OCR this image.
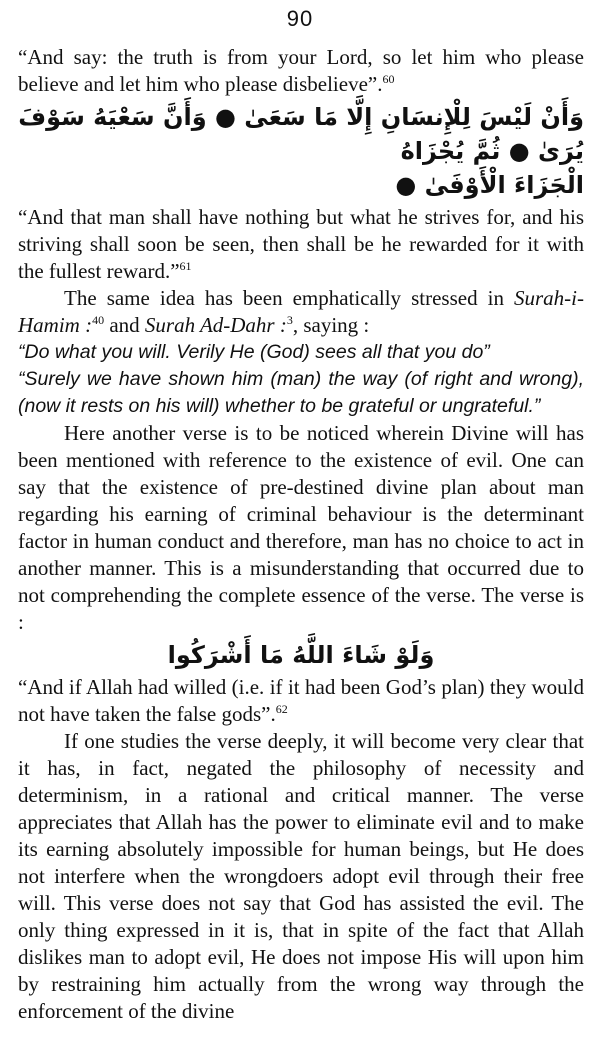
90

“And say: the truth is from your Lord, so let him who please believe and let him who please disbelieve”.$^{60}$

وَأَنْ لَيْسَ لِلْإِنسَانِ إِلَّا مَا سَعَىٰ ● وَأَنَّ سَعْيَهُ سَوْفَ يُرَىٰ ● ثُمَّ يُجْزَاهُ
الْجَزَاءَ الْأَوْفَىٰ ●

“And that man shall have nothing but what he strives for, and his striving shall soon be seen, then shall be he rewarded for it with the fullest reward.”$^{61}$

The same idea has been emphatically stressed in Surah-i-Hamim :$^{40}$ and Surah Ad-Dahr :$^3$, saying :

“Do what you will. Verily He (God) sees all that you do”

“Surely we have shown him (man) the way (of right and wrong), (now it rests on his will) whether to be grateful or ungrateful.”

Here another verse is to be noticed wherein Divine will has been mentioned with reference to the existence of evil. One can say that the existence of pre-destined divine plan about man regarding his earning of criminal behaviour is the determinant factor in human conduct and therefore, man has no choice to act in another manner. This is a misunderstanding that occurred due to not comprehending the complete essence of the verse. The verse is :

وَلَوْ شَاءَ اللَّهُ مَا أَشْرَكُوا

“And if Allah had willed (i.e. if it had been God’s plan) they would not have taken the false gods”.$^{62}$

If one studies the verse deeply, it will become very clear that it has, in fact, negated the philosophy of necessity and determinism, in a rational and critical manner. The verse appreciates that Allah has the power to eliminate evil and to make its earning absolutely impossible for human beings, but He does not interfere when the wrongdoers adopt evil through their free will. This verse does not say that God has assisted the evil. The only thing expressed in it is, that in spite of the fact that Allah dislikes man to adopt evil, He does not impose His will upon him by restraining him actually from the wrong way through the enforcement of the divine
